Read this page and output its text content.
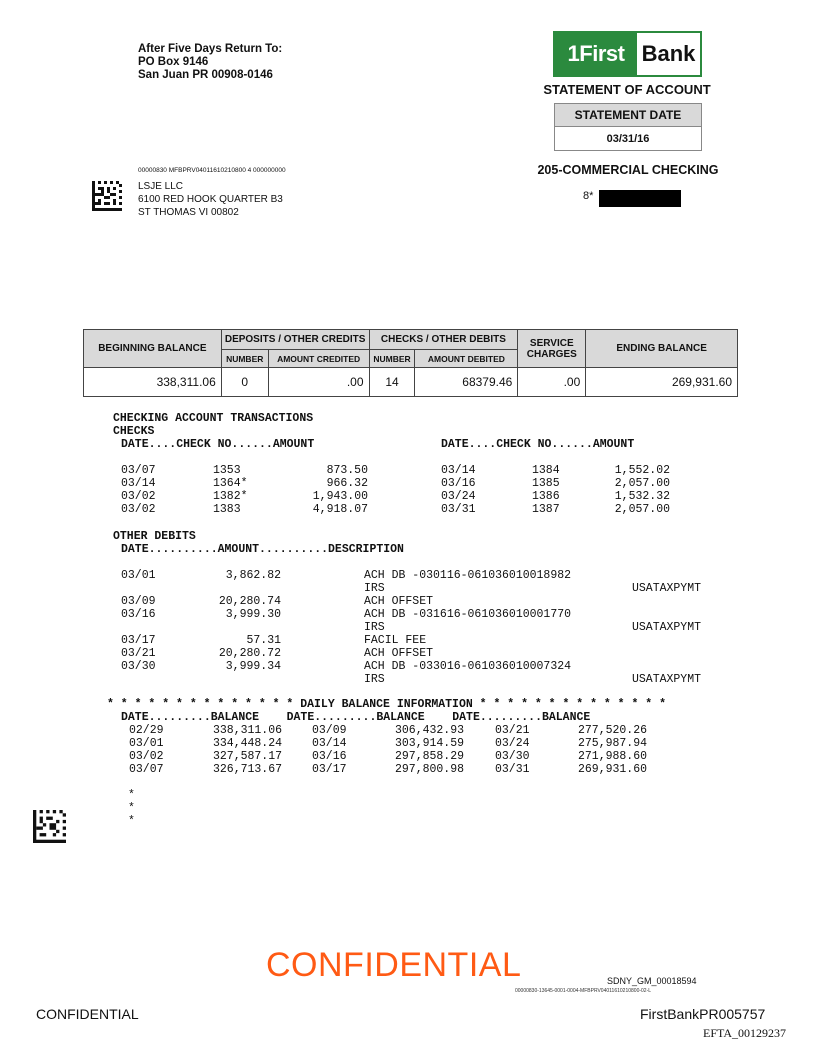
After Five Days Return To:
PO Box 9146
San Juan PR 00908-0146
1First Bank
STATEMENT OF ACCOUNT
STATEMENT DATE
03/31/16
205-COMMERCIAL CHECKING
8*
00000830 MFBPRV04011610210800 4 000000000
LSJE LLC
6100 RED HOOK QUARTER B3
ST THOMAS VI 00802
BEGINNING BALANCE	DEPOSITS / OTHER CREDITS		CHECKS / OTHER DEBITS		SERVICE CHARGES	ENDING BALANCE
	NUMBER	AMOUNT CREDITED	NUMBER	AMOUNT DEBITED		
338,311.06	0	.00	14	68379.46	.00	269,931.60
CHECKING ACCOUNT TRANSACTIONS
CHECKS
DATE....CHECK NO......AMOUNT	DATE....CHECK NO......AMOUNT
03/07	1353	873.50	03/14	1384	1,552.02
03/14	1364*	966.32	03/16	1385	2,057.00
03/02	1382*	1,943.00	03/24	1386	1,532.32
03/02	1383	4,918.07	03/31	1387	2,057.00
OTHER DEBITS
DATE..........AMOUNT..........DESCRIPTION
03/01	3,862.82	ACH DB -030116-061036010018982
IRS	USATAXPYMT
03/09	20,280.74	ACH OFFSET
03/16	3,999.30	ACH DB -031616-061036010001770
IRS	USATAXPYMT
03/17	57.31	FACIL FEE
03/21	20,280.72	ACH OFFSET
03/30	3,999.34	ACH DB -033016-061036010007324
IRS	USATAXPYMT
* * * * * * * * * * * * * * DAILY BALANCE INFORMATION * * * * * * * * * * * * * *
DATE.........BALANCE    DATE.........BALANCE    DATE.........BALANCE
02/29	338,311.06	03/09	306,432.93	03/21	277,520.26
03/01	334,448.24	03/14	303,914.59	03/24	275,987.94
03/02	327,587.17	03/16	297,858.29	03/30	271,988.60
03/07	326,713.67	03/17	297,800.98	03/31	269,931.60
*
*
*
CONFIDENTIAL	SDNY_GM_00018594
00000830-13645-0001-0004-MFBPRV04011610210800-02-L
CONFIDENTIAL	FirstBankPR005757
EFTA_00129237
